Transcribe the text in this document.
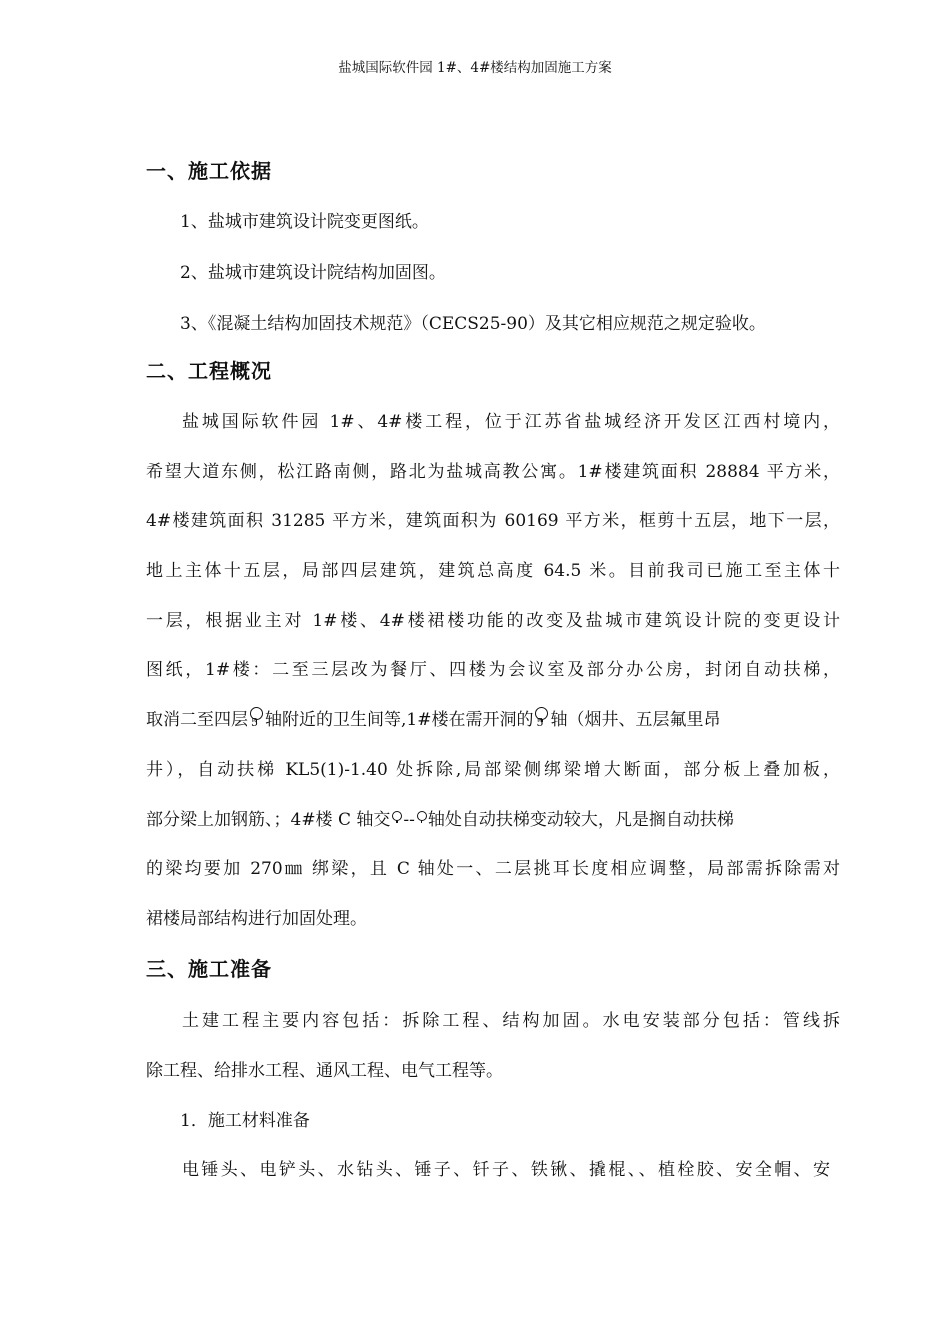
盐城国际软件园 1#、4#楼结构加固施工方案
一、施工依据
1、盐城市建筑设计院变更图纸。
2、盐城市建筑设计院结构加固图。
3、《混凝土结构加固技术规范》（CECS25-90）及其它相应规范之规定验收。
二、工程概况
盐城国际软件园 1#、4#楼工程，位于江苏省盐城经济开发区江西村境内，
希望大道东侧，松江路南侧，路北为盐城高教公寓。1#楼建筑面积 28884 平方米，
4#楼建筑面积 31285 平方米，建筑面积为 60169 平方米，框剪十五层，地下一层，
地上主体十五层，局部四层建筑，建筑总高度 64.5 米。目前我司已施工至主体十
一层，根据业主对 1#楼、4#楼裙楼功能的改变及盐城市建筑设计院的变更设计
图纸，1#楼：二至三层改为餐厅、四楼为会议室及部分办公房，封闭自动扶梯，
取消二至四层 5 轴附近的卫生间等,1#楼在需开洞的 5 轴（烟井、五层氟里昂
井），自动扶梯 KL5(1)-1.40 处拆除,局部梁侧绑梁增大断面，部分板上叠加板，
部分梁上加钢筋、；4#楼 C 轴交 -- 轴处自动扶梯变动较大，凡是搁自动扶梯
的梁均要加 270㎜ 绑梁，且 C 轴处一、二层挑耳长度相应调整，局部需拆除需对
裙楼局部结构进行加固处理。
三、施工准备
土建工程主要内容包括：拆除工程、结构加固。水电安装部分包括：管线拆
除工程、给排水工程、通风工程、电气工程等。
1．施工材料准备
电锤头、电铲头、水钻头、锤子、钎子、铁锹、撬棍、、植栓胶、安全帽、安
